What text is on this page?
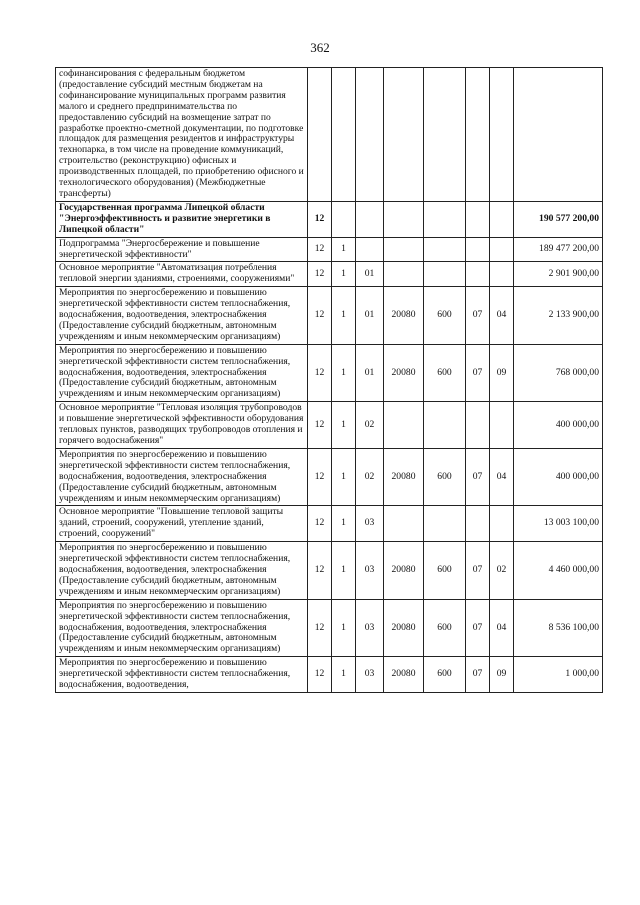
362
софинансирования с федеральным бюджетом (предоставление субсидий местным бюджетам на софинансирование муниципальных программ развития малого и среднего предпринимательства по предоставлению субсидий на возмещение затрат по разработке проектно-сметной документации, по подготовке площадок для размещения резидентов и инфраструктуры технопарка, в том числе на проведение коммуникаций, строительство (реконструкцию) офисных и производственных площадей, по приобретению офисного и технологического оборудования) (Межбюджетные трансферты)								
Государственная программа Липецкой области "Энергоэффективность и развитие энергетики в Липецкой области"	12							190 577 200,00
Подпрограмма "Энергосбережение и повышение энергетической эффективности"	12	1						189 477 200,00
Основное мероприятие "Автоматизация потребления тепловой энергии зданиями, строениями, сооружениями"	12	1	01					2 901 900,00
Мероприятия по энергосбережению и повышению энергетической эффективности систем теплоснабжения, водоснабжения, водоотведения, электроснабжения (Предоставление субсидий бюджетным, автономным учреждениям и иным некоммерческим организациям)	12	1	01	20080	600	07	04	2 133 900,00
Мероприятия по энергосбережению и повышению энергетической эффективности систем теплоснабжения, водоснабжения, водоотведения, электроснабжения (Предоставление субсидий бюджетным, автономным учреждениям и иным некоммерческим организациям)	12	1	01	20080	600	07	09	768 000,00
Основное мероприятие "Тепловая изоляция трубопроводов и повышение энергетической эффективности оборудования тепловых пунктов, разводящих трубопроводов отопления и горячего водоснабжения"	12	1	02					400 000,00
Мероприятия по энергосбережению и повышению энергетической эффективности систем теплоснабжения, водоснабжения, водоотведения, электроснабжения (Предоставление субсидий бюджетным, автономным учреждениям и иным некоммерческим организациям)	12	1	02	20080	600	07	04	400 000,00
Основное мероприятие "Повышение тепловой защиты зданий, строений, сооружений, утепление зданий, строений, сооружений"	12	1	03					13 003 100,00
Мероприятия по энергосбережению и повышению энергетической эффективности систем теплоснабжения, водоснабжения, водоотведения, электроснабжения (Предоставление субсидий бюджетным, автономным учреждениям и иным некоммерческим организациям)	12	1	03	20080	600	07	02	4 460 000,00
Мероприятия по энергосбережению и повышению энергетической эффективности систем теплоснабжения, водоснабжения, водоотведения, электроснабжения (Предоставление субсидий бюджетным, автономным учреждениям и иным некоммерческим организациям)	12	1	03	20080	600	07	04	8 536 100,00
Мероприятия по энергосбережению и повышению энергетической эффективности систем теплоснабжения, водоснабжения, водоотведения,	12	1	03	20080	600	07	09	1 000,00
